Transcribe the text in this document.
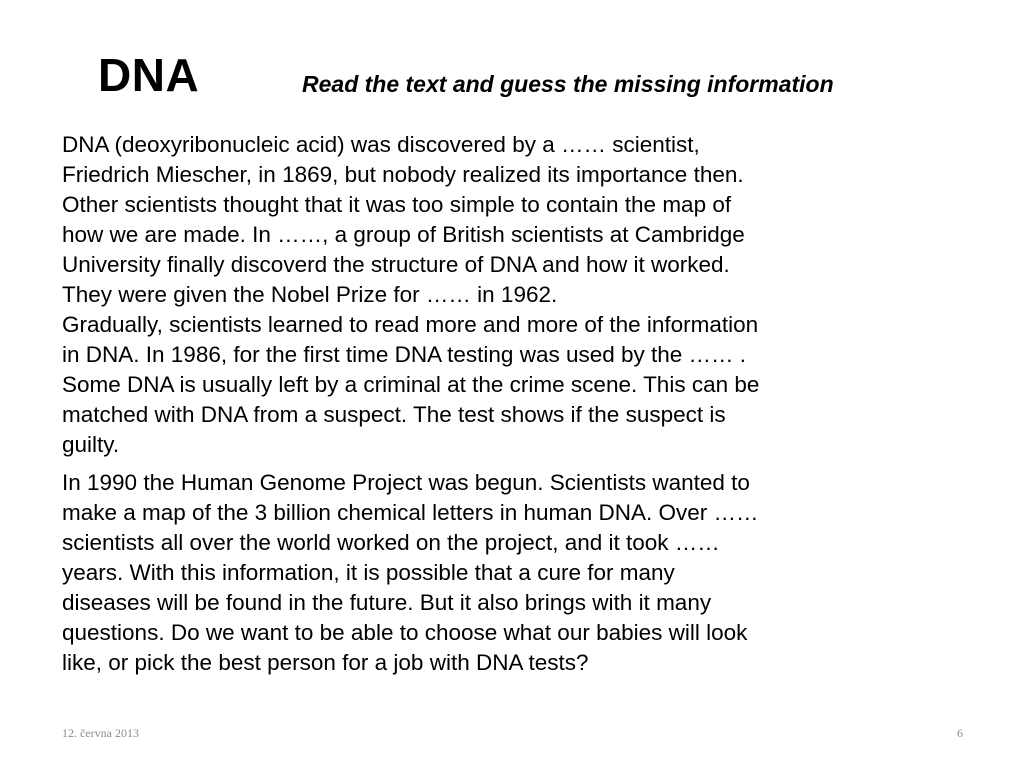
DNA	Read the text and guess the missing information

DNA (deoxyribonucleic acid) was discovered by a …… scientist,
Friedrich Miescher, in 1869, but nobody realized its importance then.
Other scientists thought that it was too simple to contain the map of
how we are made. In ……, a group of British scientists at Cambridge
University finally discoverd the structure of DNA and how it worked.
They were given the Nobel Prize for …… in 1962.

Gradually, scientists learned to read more and more of the information
in DNA. In 1986, for the first time DNA testing was used by the …… .
Some DNA is usually left by a criminal at the crime scene. This can be
matched with DNA from a suspect. The test shows if the suspect is
guilty.

In 1990 the Human Genome Project was begun. Scientists wanted to
make a map of the 3 billion chemical letters in human DNA. Over ……
scientists all over the world worked on the project, and it took ……
years. With this information, it is possible that a cure for many
diseases will be found in the future. But it also brings with it many
questions. Do we want to be able to choose what our babies will look
like, or pick the best person for a job with DNA tests?

12. června 2013	6
